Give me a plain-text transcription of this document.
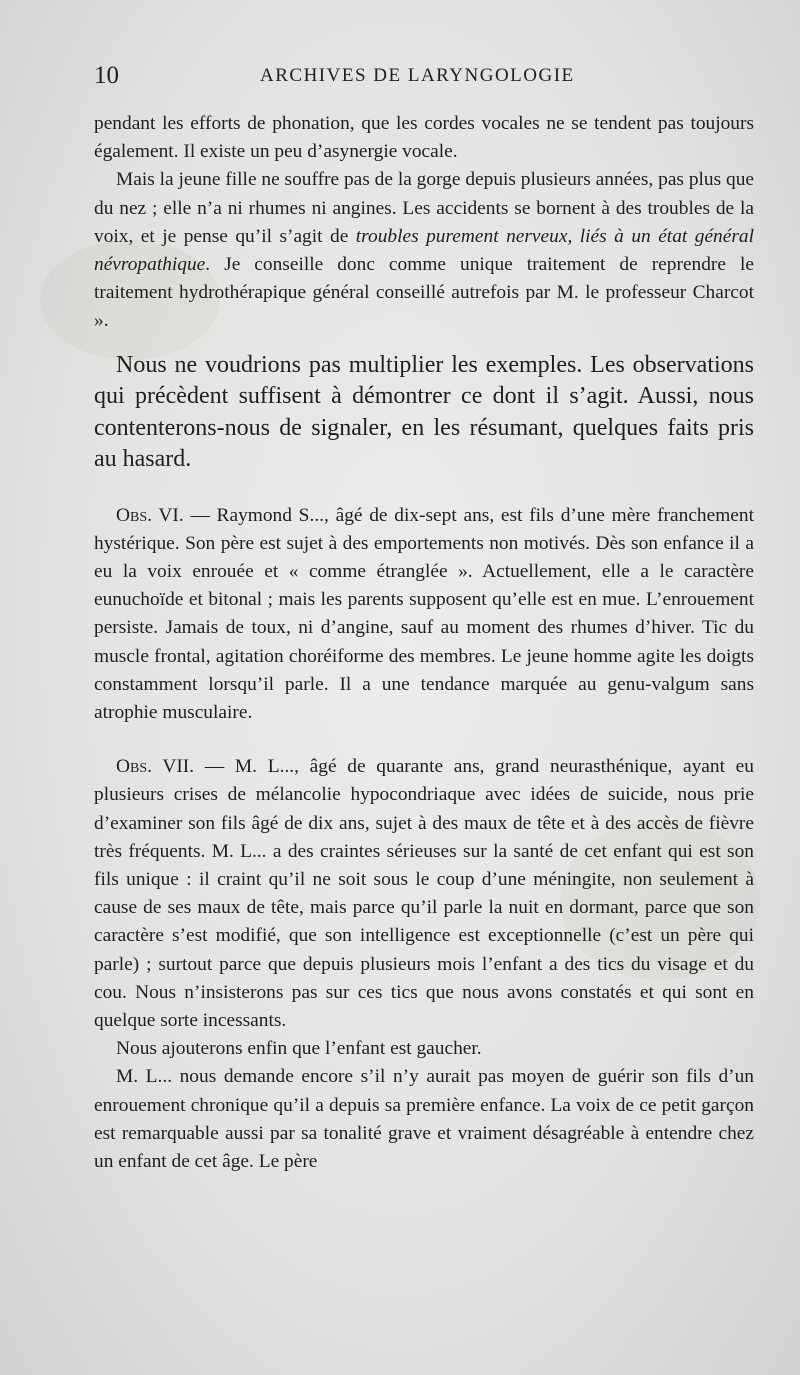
10	ARCHIVES DE LARYNGOLOGIE

pendant les efforts de phonation, que les cordes vocales ne se tendent pas toujours également. Il existe un peu d’asynergie vocale.

Mais la jeune fille ne souffre pas de la gorge depuis plusieurs années, pas plus que du nez ; elle n’a ni rhumes ni angines. Les accidents se bornent à des troubles de la voix, et je pense qu’il s’agit de troubles purement nerveux, liés à un état général névropathique. Je conseille donc comme unique traitement de reprendre le traitement hydrothérapique général conseillé autrefois par M. le professeur Charcot ».

Nous ne voudrions pas multiplier les exemples. Les observations qui précèdent suffisent à démontrer ce dont il s’agit. Aussi, nous contenterons-nous de signaler, en les résumant, quelques faits pris au hasard.

Obs. VI. — Raymond S..., âgé de dix-sept ans, est fils d’une mère franchement hystérique. Son père est sujet à des emportements non motivés. Dès son enfance il a eu la voix enrouée et « comme étranglée ». Actuellement, elle a le caractère eunuchoïde et bitonal ; mais les parents supposent qu’elle est en mue. L’enrouement persiste. Jamais de toux, ni d’angine, sauf au moment des rhumes d’hiver. Tic du muscle frontal, agitation choréiforme des membres. Le jeune homme agite les doigts constamment lorsqu’il parle. Il a une tendance marquée au genu-valgum sans atrophie musculaire.

Obs. VII. — M. L..., âgé de quarante ans, grand neurasthénique, ayant eu plusieurs crises de mélancolie hypocondriaque avec idées de suicide, nous prie d’examiner son fils âgé de dix ans, sujet à des maux de tête et à des accès de fièvre très fréquents. M. L... a des craintes sérieuses sur la santé de cet enfant qui est son fils unique : il craint qu’il ne soit sous le coup d’une méningite, non seulement à cause de ses maux de tête, mais parce qu’il parle la nuit en dormant, parce que son caractère s’est modifié, que son intelligence est exceptionnelle (c’est un père qui parle) ; surtout parce que depuis plusieurs mois l’enfant a des tics du visage et du cou. Nous n’insisterons pas sur ces tics que nous avons constatés et qui sont en quelque sorte incessants.

Nous ajouterons enfin que l’enfant est gaucher.

M. L... nous demande encore s’il n’y aurait pas moyen de guérir son fils d’un enrouement chronique qu’il a depuis sa première enfance. La voix de ce petit garçon est remarquable aussi par sa tonalité grave et vraiment désagréable à entendre chez un enfant de cet âge. Le père
